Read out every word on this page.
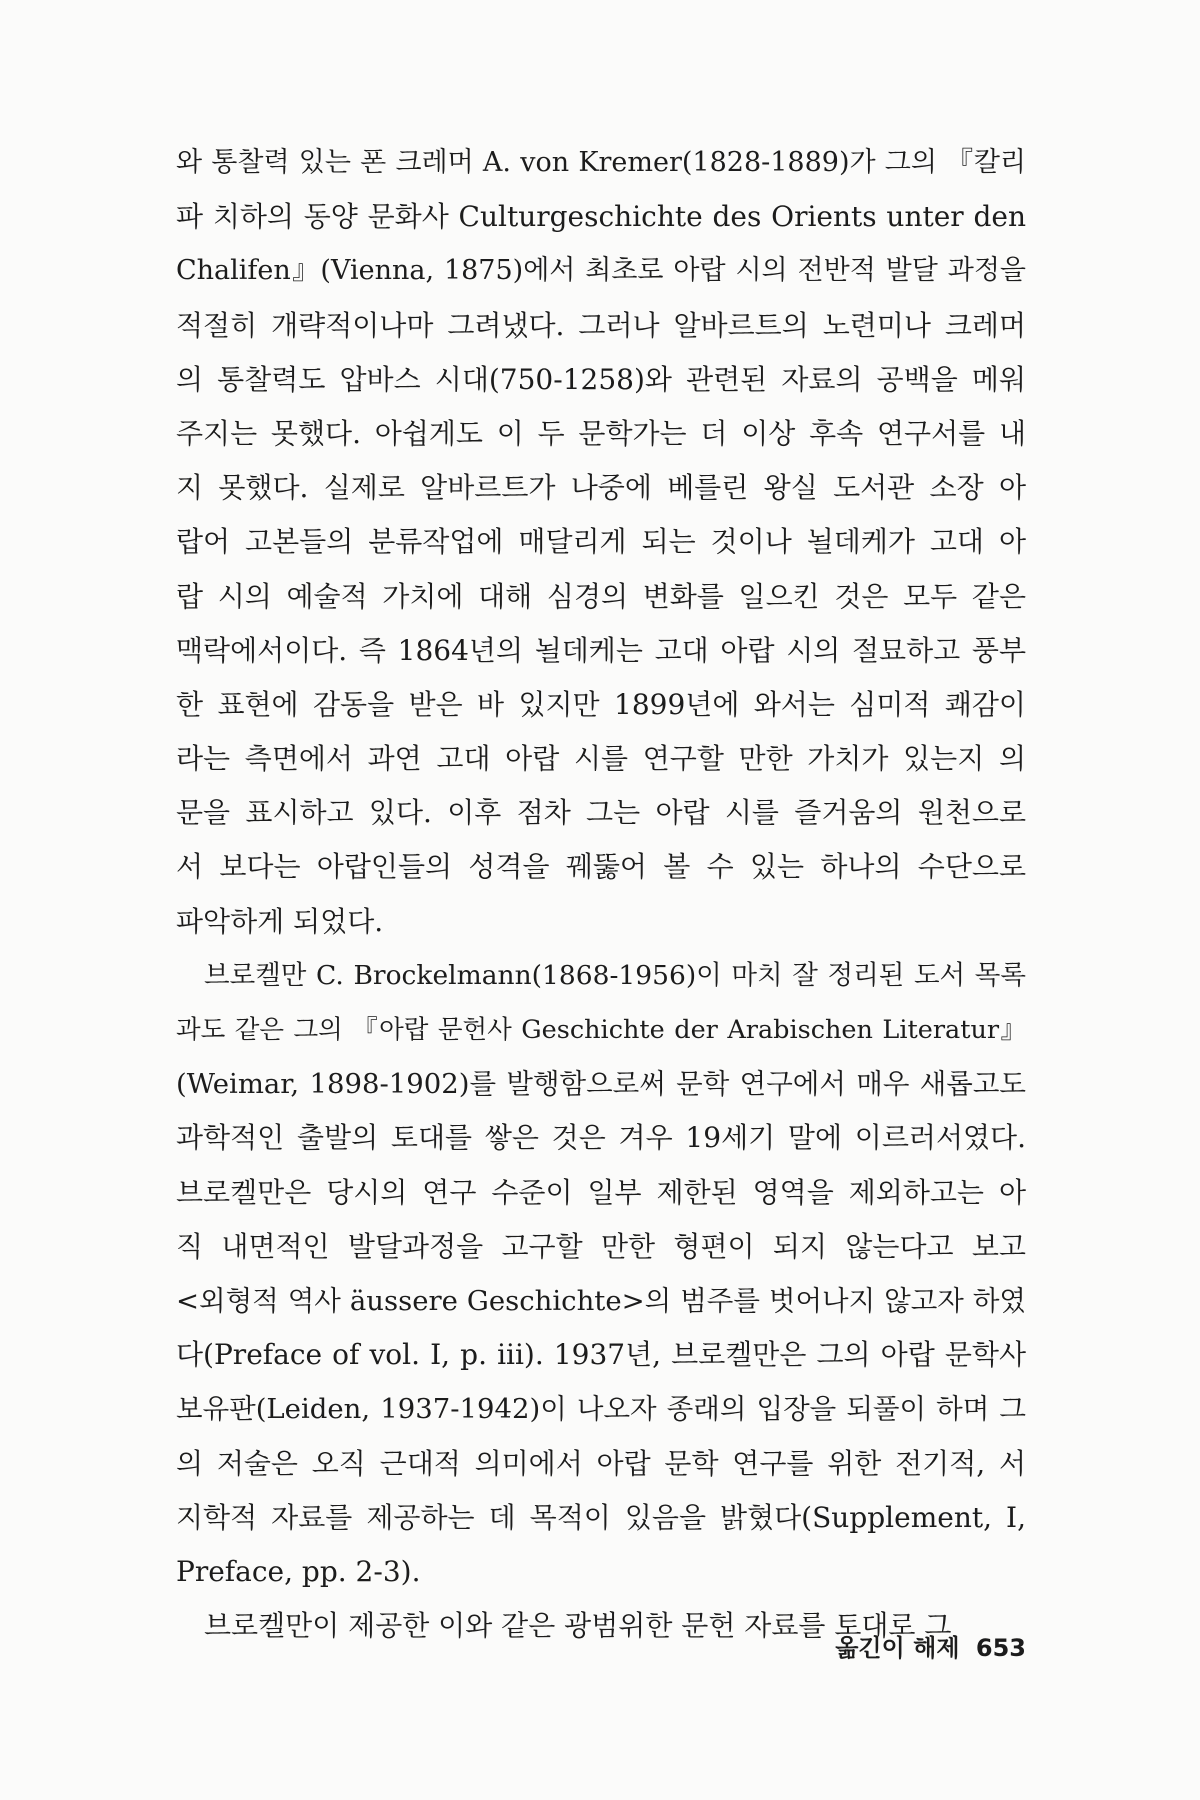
와 통찰력 있는 폰 크레머 A. von Kremer(1828-1889)가 그의 『칼리
파 치하의 동양 문화사 Culturgeschichte des Orients unter den
Chalifen』(Vienna, 1875)에서 최초로 아랍 시의 전반적 발달 과정을
적절히 개략적이나마 그려냈다. 그러나 알바르트의 노련미나 크레머
의 통찰력도 압바스 시대(750-1258)와 관련된 자료의 공백을 메워
주지는 못했다. 아쉽게도 이 두 문학가는 더 이상 후속 연구서를 내
지 못했다. 실제로 알바르트가 나중에 베를린 왕실 도서관 소장 아
랍어 고본들의 분류작업에 매달리게 되는 것이나 뇔데케가 고대 아
랍 시의 예술적 가치에 대해 심경의 변화를 일으킨 것은 모두 같은
맥락에서이다. 즉 1864년의 뇔데케는 고대 아랍 시의 절묘하고 풍부
한 표현에 감동을 받은 바 있지만 1899년에 와서는 심미적 쾌감이
라는 측면에서 과연 고대 아랍 시를 연구할 만한 가치가 있는지 의
문을 표시하고 있다. 이후 점차 그는 아랍 시를 즐거움의 원천으로
서 보다는 아랍인들의 성격을 꿰뚫어 볼 수 있는 하나의 수단으로
파악하게 되었다.
브로켈만 C. Brockelmann(1868-1956)이 마치 잘 정리된 도서 목록
과도 같은 그의 『아랍 문헌사 Geschichte der Arabischen Literatur』
(Weimar, 1898-1902)를 발행함으로써 문학 연구에서 매우 새롭고도
과학적인 출발의 토대를 쌓은 것은 겨우 19세기 말에 이르러서였다.
브로켈만은 당시의 연구 수준이 일부 제한된 영역을 제외하고는 아
직 내면적인 발달과정을 고구할 만한 형편이 되지 않는다고 보고
<외형적 역사 äussere Geschichte>의 범주를 벗어나지 않고자 하였
다(Preface of vol. I, p. iii). 1937년, 브로켈만은 그의 아랍 문학사
보유판(Leiden, 1937-1942)이 나오자 종래의 입장을 되풀이 하며 그
의 저술은 오직 근대적 의미에서 아랍 문학 연구를 위한 전기적, 서
지학적 자료를 제공하는 데 목적이 있음을 밝혔다(Supplement, I,
Preface, pp. 2-3).
브로켈만이 제공한 이와 같은 광범위한 문헌 자료를 토대로 그
옮긴이 해제 653
